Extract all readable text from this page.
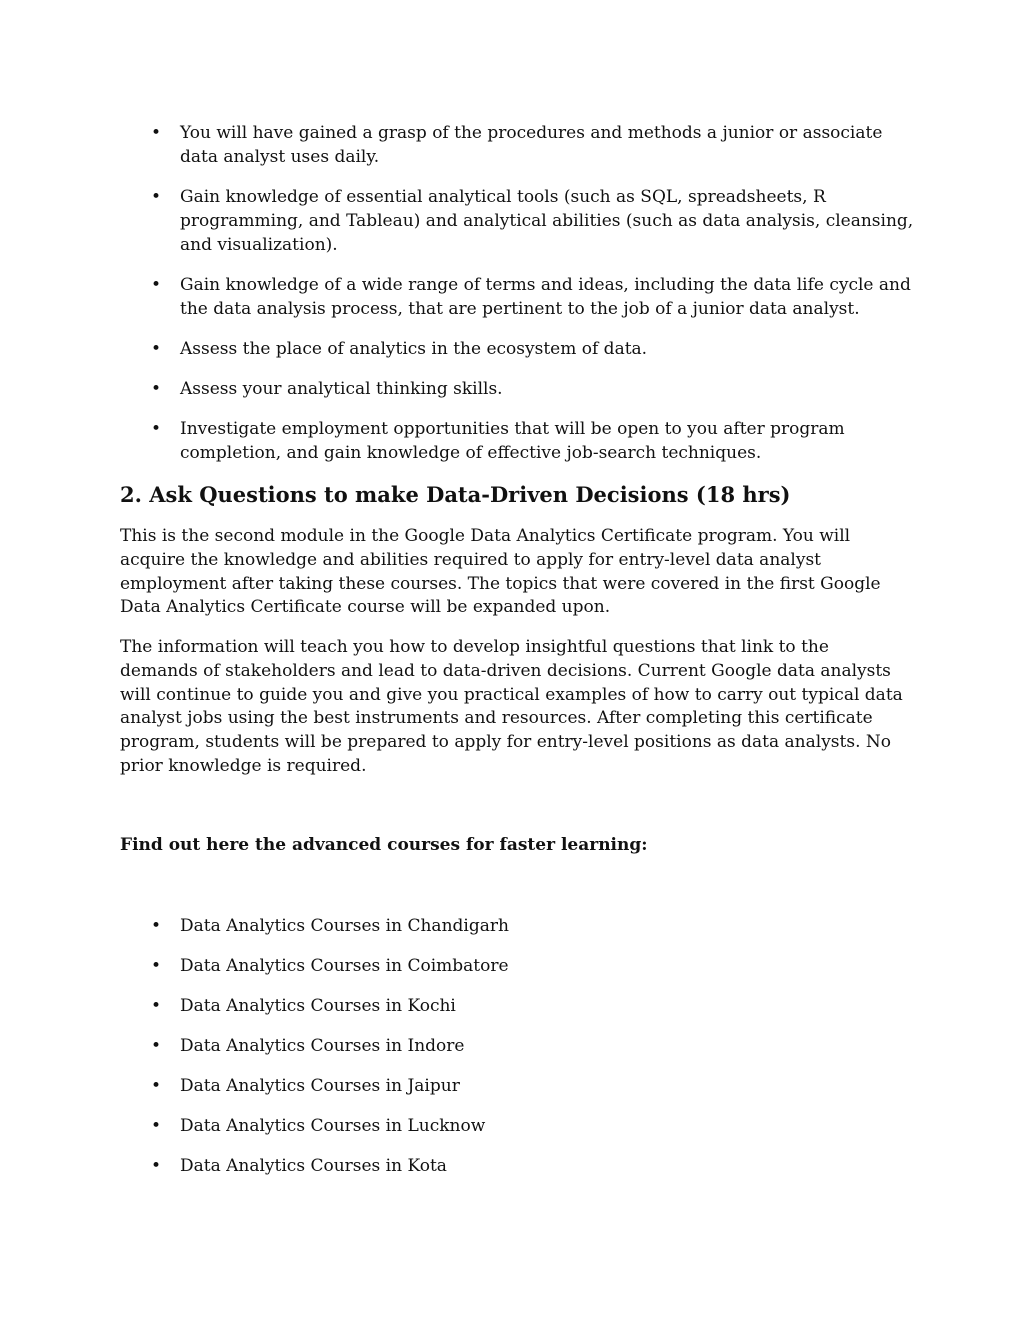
• You will have gained a grasp of the procedures and methods a junior or associate data analyst uses daily.
• Gain knowledge of essential analytical tools (such as SQL, spreadsheets, R programming, and Tableau) and analytical abilities (such as data analysis, cleansing, and visualization).
• Gain knowledge of a wide range of terms and ideas, including the data life cycle and the data analysis process, that are pertinent to the job of a junior data analyst.
• Assess the place of analytics in the ecosystem of data.
• Assess your analytical thinking skills.
• Investigate employment opportunities that will be open to you after program completion, and gain knowledge of effective job-search techniques.
2. Ask Questions to make Data-Driven Decisions (18 hrs)

This is the second module in the Google Data Analytics Certificate program. You will acquire the knowledge and abilities required to apply for entry-level data analyst employment after taking these courses. The topics that were covered in the first Google Data Analytics Certificate course will be expanded upon.

The information will teach you how to develop insightful questions that link to the demands of stakeholders and lead to data-driven decisions. Current Google data analysts will continue to guide you and give you practical examples of how to carry out typical data analyst jobs using the best instruments and resources. After completing this certificate program, students will be prepared to apply for entry-level positions as data analysts. No prior knowledge is required.

Find out here the advanced courses for faster learning:

• Data Analytics Courses in Chandigarh
• Data Analytics Courses in Coimbatore
• Data Analytics Courses in Kochi
• Data Analytics Courses in Indore
• Data Analytics Courses in Jaipur
• Data Analytics Courses in Lucknow
• Data Analytics Courses in Kota
